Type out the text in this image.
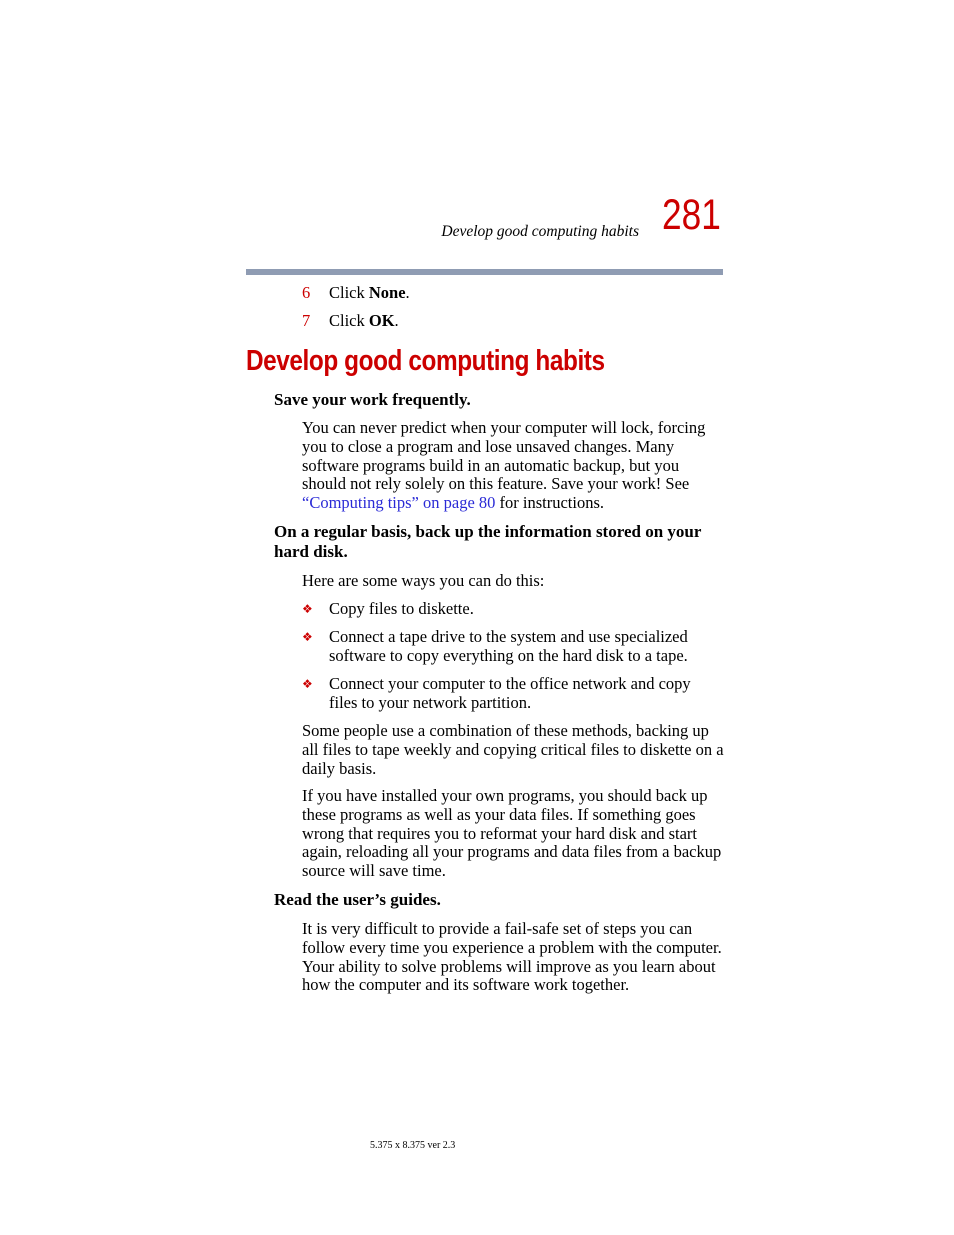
Develop good computing habits 281
6 Click None.
7 Click OK.
Develop good computing habits
Save your work frequently.
You can never predict when your computer will lock, forcing you to close a program and lose unsaved changes. Many software programs build in an automatic backup, but you should not rely solely on this feature. Save your work! See “Computing tips” on page 80 for instructions.
On a regular basis, back up the information stored on your hard disk.
Here are some ways you can do this:
❖ Copy files to diskette.
❖ Connect a tape drive to the system and use specialized software to copy everything on the hard disk to a tape.
❖ Connect your computer to the office network and copy files to your network partition.
Some people use a combination of these methods, backing up all files to tape weekly and copying critical files to diskette on a daily basis.
If you have installed your own programs, you should back up these programs as well as your data files. If something goes wrong that requires you to reformat your hard disk and start again, reloading all your programs and data files from a backup source will save time.
Read the user’s guides.
It is very difficult to provide a fail-safe set of steps you can follow every time you experience a problem with the computer. Your ability to solve problems will improve as you learn about how the computer and its software work together.
5.375 x 8.375 ver 2.3
